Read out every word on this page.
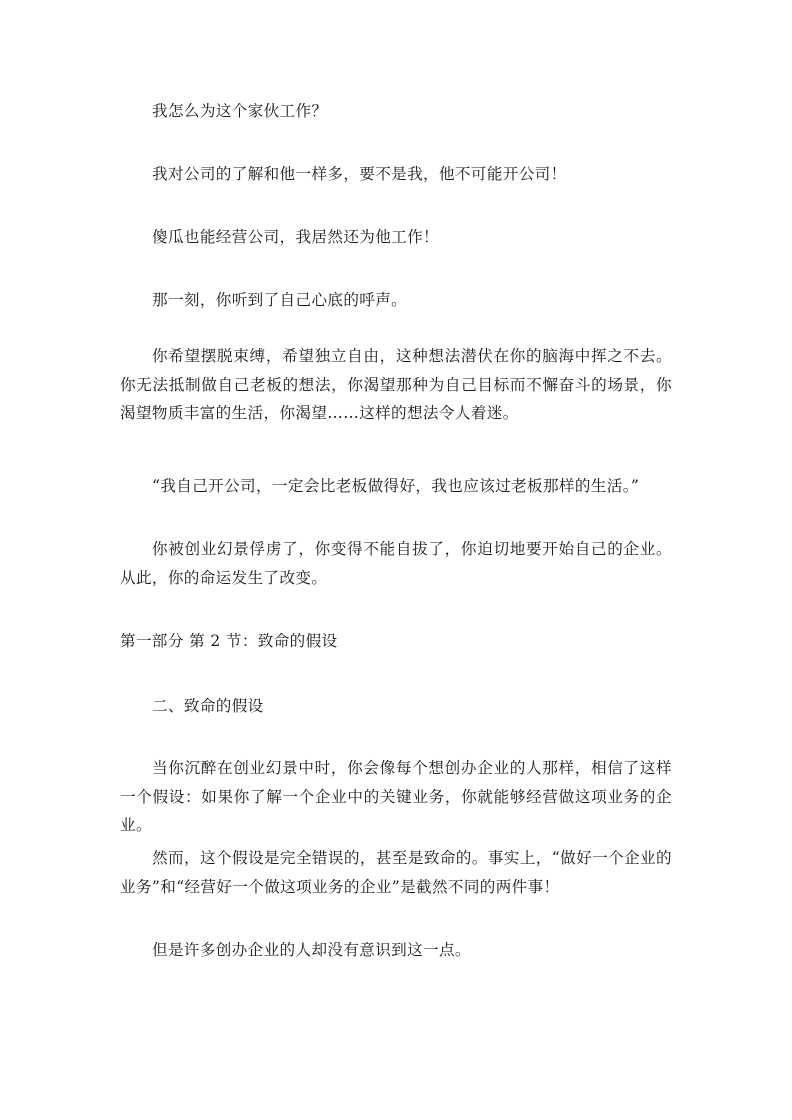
我怎么为这个家伙工作？

我对公司的了解和他一样多，要不是我，他不可能开公司！

傻瓜也能经营公司，我居然还为他工作！

那一刻，你听到了自己心底的呼声。

你希望摆脱束缚，希望独立自由，这种想法潜伏在你的脑海中挥之不去。你无法抵制做自己老板的想法，你渴望那种为自己目标而不懈奋斗的场景，你渴望物质丰富的生活，你渴望……这样的想法令人着迷。

“我自己开公司，一定会比老板做得好，我也应该过老板那样的生活。”

你被创业幻景俘虏了，你变得不能自拔了，你迫切地要开始自己的企业。从此，你的命运发生了改变。

第一部分 第 2 节：致命的假设

二、致命的假设

当你沉醉在创业幻景中时，你会像每个想创办企业的人那样，相信了这样一个假设：如果你了解一个企业中的关键业务，你就能够经营做这项业务的企业。

然而，这个假设是完全错误的，甚至是致命的。事实上，“做好一个企业的业务”和“经营好一个做这项业务的企业”是截然不同的两件事！

但是许多创办企业的人却没有意识到这一点。
